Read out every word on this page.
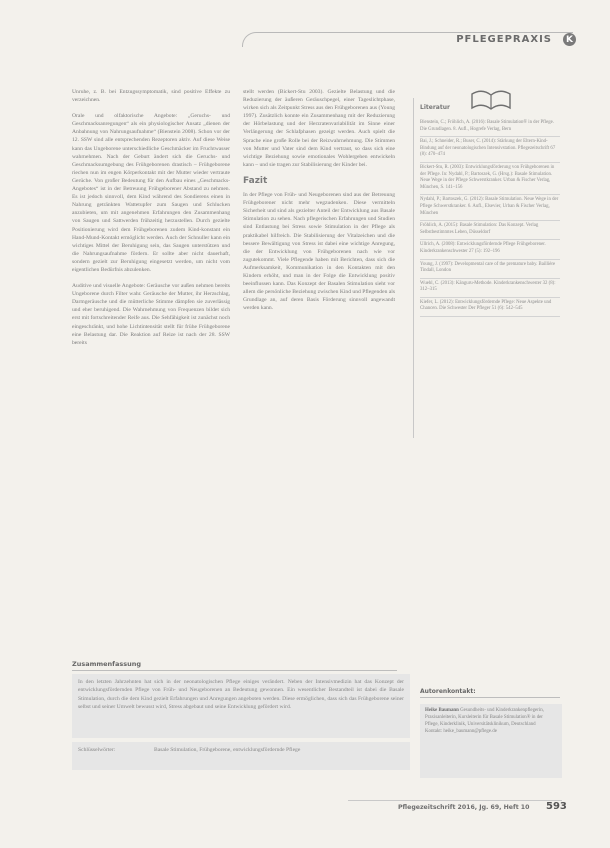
PFLEGEPRAXIS	K

Unruhe, z. B. bei Entzugssymptomatik, sind positive Effekte zu verzeichnen.

Orale und olfaktorische Angebote: „Geruchs- und Geschmacksanregungen“ als ein physiologischer Ansatz „dienen der Anbahnung von Nahrungsaufnahme“ (Bienstein 2008). Schon vor der 12. SSW sind alle entsprechenden Rezeptoren aktiv. Auf diese Weise kann das Ungeborene unterschiedliche Geschmäcker im Fruchtwasser wahrnehmen. Nach der Geburt ändert sich die Geruchs- und Geschmacksumgebung des Frühgeborenen drastisch – Frühgeborene riechen nun im engen Körperkontakt mit der Mutter wieder vertraute Gerüche. Von großer Bedeutung für den Aufbau eines „Geschmacks-Angebotes“ ist in der Betreuung Frühgeborener Abstand zu nehmen. Es ist jedoch sinnvoll, dem Kind während des Sondierens einen in Nahrung getränkten Wattetupfer zum Saugen und Schlucken anzubieten, um mit angenehmen Erfahrungen den Zusammenhang von Saugen und Sattwerden frühzeitig herzustellen. Durch gezielte Positionierung wird dem Frühgeborenen zudem Kind-konstant ein Hand-Mund-Kontakt ermöglicht werden. Auch der Schnuller kann ein wichtiges Mittel der Beruhigung sein, das Saugen unterstützen und die Nahrungsaufnahme fördern. Er sollte aber nicht dauerhaft, sondern gezielt zur Beruhigung eingesetzt werden, um nicht vom eigentlichen Bedürfnis abzulenken.

Auditive und visuelle Angebote: Geräusche vor außen nehmen bereits Ungeborene durch Filter wahr. Geräusche der Mutter, ihr Herzschlag, Darmgeräusche und die mütterliche Stimme dämpfen sie zuverlässig und eher beruhigend. Die Wahrnehmung von Frequenzen bildet sich erst mit fortschreitender Reife aus. Die Sehfähigkeit ist zunächst noch eingeschränkt, und hohe Lichtintensität stellt für frühe Frühgeborene eine Belastung dar. Die Reaktion auf Reize ist nach der 28. SSW bereits

stellt werden (Bickert-Stu 2003). Gezielte Belastung und die Reduzierung der äußeren Geräuschpegel, einer Tageslichtphase, wirken sich als Zeitpunkt Stress aus den Frühgeborenen aus (Young 1997). Zusätzlich konnte ein Zusammenhang mit der Reduzierung der Hörbelastung und der Herzratenvariabilität im Sinne einer Verlängerung der Schlafphasen gezeigt werden. Auch spielt die Sprache eine große Rolle bei der Reizwahrnehmung. Die Stimmen von Mutter und Vater sind dem Kind vertraut, so dass sich eine wichtige Beziehung sowie emotionales Wohlergehen entwickeln kann – und sie tragen zur Stabilisierung der Kinder bei.

Fazit

In der Pflege von Früh- und Neugeborenen sind aus der Betreuung Frühgeborener nicht mehr wegzudenken. Diese vermitteln Sicherheit und sind als gezielter Anteil der Entwicklung aus Basale Stimulation zu sehen. Nach pflegerischen Erfahrungen und Studien sind Entlastung bei Stress sowie Stimulation in der Pflege als praktikabel hilfreich. Die Stabilisierung der Vitalzeichen und die bessere Bewältigung von Stress ist dabei eine wichtige Anregung, die der Entwicklung von Frühgeborenen nach wie vor zugutekommt. Viele Pflegende haben mit Berichten, dass sich die Aufmerksamkeit, Kommunikation in den Kontakten mit den Kindern erhöht, und man in der Folge die Entwicklung positiv beeinflussen kann. Das Konzept der Basalen Stimulation sieht vor allem die persönliche Beziehung zwischen Kind und Pflegenden als Grundlage an, auf deren Basis Förderung sinnvoll angewandt werden kann.

Literatur
Bienstein, C.; Fröhlich, A. (2016): Basale Stimulation® in der Pflege. Die Grundlagen. 8. Aufl., Hogrefe Verlag, Bern
Bai, J.; Schneider, R.; Buser, C. (2014): Stärkung der Eltern-Kind-Bindung auf der neonatologischen Intensivstation. Pflegezeitschrift 67 (8): 470–474
Bickert-Stu, R. (2003): Entwicklungsförderung von Frühgeborenen in der Pflege. In: Nydahl, P.; Bartoszek, G. (Hrsg.): Basale Stimulation. Neue Wege in der Pflege Schwerstkranker. Urban & Fischer Verlag, München, S. 141–156
Nydahl, P.; Bartoszek, G. (2012): Basale Stimulation. Neue Wege in der Pflege Schwerstkranker. 6. Aufl., Elsevier, Urban & Fischer Verlag, München
Fröhlich, A. (2015): Basale Stimulation: Das Konzept. Verlag Selbstbestimmtes Leben, Düsseldorf
Ullrich, A. (2008): Entwicklungsfördernde Pflege Frühgeborener. Kinderkrankenschwester 27 (5): 192–196
Young, J. (1997): Developmental care of the premature baby. Baillière Tindall, London
Wuehl, C. (2013): Känguru-Methode. Kinderkrankenschwester 32 (8): 312–315
Kiefer, L. (2012): Entwicklungsfördernde Pflege: Neue Aspekte und Chancen. Die Schwester Der Pfleger 51 (6): 542–545
Zusammenfassung
In den letzten Jahrzehnten hat sich in der neonatologischen Pflege einiges verändert. Neben der Intensivmedizin hat das Konzept der entwicklungsfördernden Pflege von Früh- und Neugeborenen an Bedeutung gewonnen. Ein wesentlicher Bestandteil ist dabei die Basale Stimulation, durch die dem Kind gezielt Erfahrungen und Anregungen angeboten werden. Diese ermöglichen, dass sich das Frühgeborene seiner selbst und seiner Umwelt bewusst wird, Stress abgebaut und seine Entwicklung gefördert wird.
Schlüsselwörter:	Basale Stimulation, Frühgeborene, entwicklungsfördernde Pflege
Autorenkontakt:
Heike Baumann Gesundheits- und Kinderkrankenpflegerin, Praxisanleiterin, Kursleiterin für Basale Stimulation® in der Pflege, Kinderklinik, Universitätsklinikum, Deutschland
Kontakt: heike_baumann@pflege.de
Pflegezeitschrift 2016, Jg. 69, Heft 10 593
